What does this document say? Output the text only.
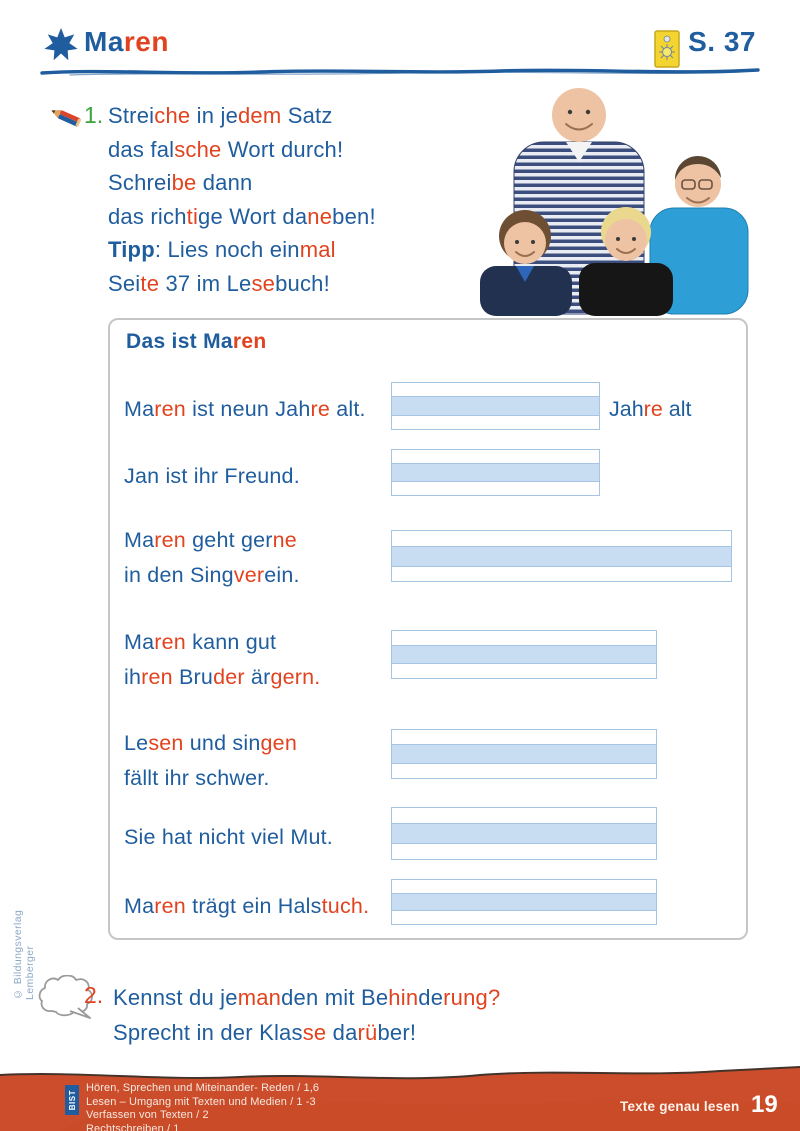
Maren	S. 37
1. Streiche in jedem Satz
das falsche Wort durch!
Schreibe dann
das richtige Wort daneben!
Tipp: Lies noch einmal
Seite 37 im Lesebuch!
Das ist Maren
Maren ist neun Jahre alt.	Jahre alt
Jan ist ihr Freund.
Maren geht gerne
in den Singverein.
Maren kann gut
ihren Bruder ärgern.
Lesen und singen
fällt ihr schwer.
Sie hat nicht viel Mut.
Maren trägt ein Halstuch.
2. Kennst du jemanden mit Behinderung?
Sprecht in der Klasse darüber!
© Bildungsverlag Lemberger
BIST
Hören, Sprechen und Miteinander- Reden / 1,6
Lesen – Umgang mit Texten und Medien / 1 -3
Verfassen von Texten / 2
Rechtschreiben / 1
Texte genau lesen 19
